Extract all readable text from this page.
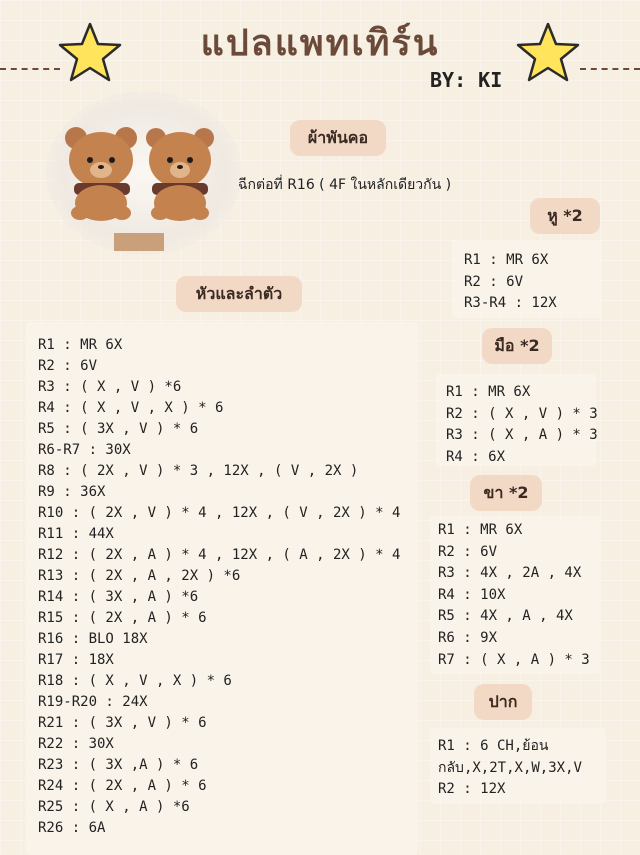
แปลแพทเทิร์น
BY: KI
ผ้าพันคอ
ฉีกต่อที่ R16 ( 4F ในหลักเดียวกัน )
หู *2
R1 : MR 6X
R2 : 6V
R3-R4 : 12X
หัวและลำตัว
R1 : MR 6X
R2 : 6V
R3 : ( X , V ) *6
R4 : ( X , V , X ) * 6
R5 : ( 3X , V ) * 6
R6-R7 : 30X
R8 : ( 2X , V ) * 3 , 12X , ( V , 2X )
R9 : 36X
R10 : ( 2X , V ) * 4 , 12X , ( V , 2X ) * 4
R11 : 44X
R12 : ( 2X , A ) * 4 , 12X , ( A , 2X ) * 4
R13 : ( 2X , A , 2X ) *6
R14 : ( 3X , A ) *6
R15 : ( 2X , A ) * 6
R16 : BLO 18X
R17 : 18X
R18 : ( X , V , X ) * 6
R19-R20 : 24X
R21 : ( 3X , V ) * 6
R22 : 30X
R23 : ( 3X ,A ) * 6
R24 : ( 2X , A ) * 6
R25 : ( X , A ) *6
R26 : 6A
มือ *2
R1 : MR 6X
R2 : ( X , V ) * 3
R3 : ( X , A ) * 3
R4 : 6X
ขา *2
R1 : MR 6X
R2 : 6V
R3 : 4X , 2A , 4X
R4 : 10X
R5 : 4X , A , 4X
R6 : 9X
R7 : ( X , A ) * 3
ปาก
R1 : 6 CH,ย้อน
กลับ,X,2T,X,W,3X,V
R2 : 12X
